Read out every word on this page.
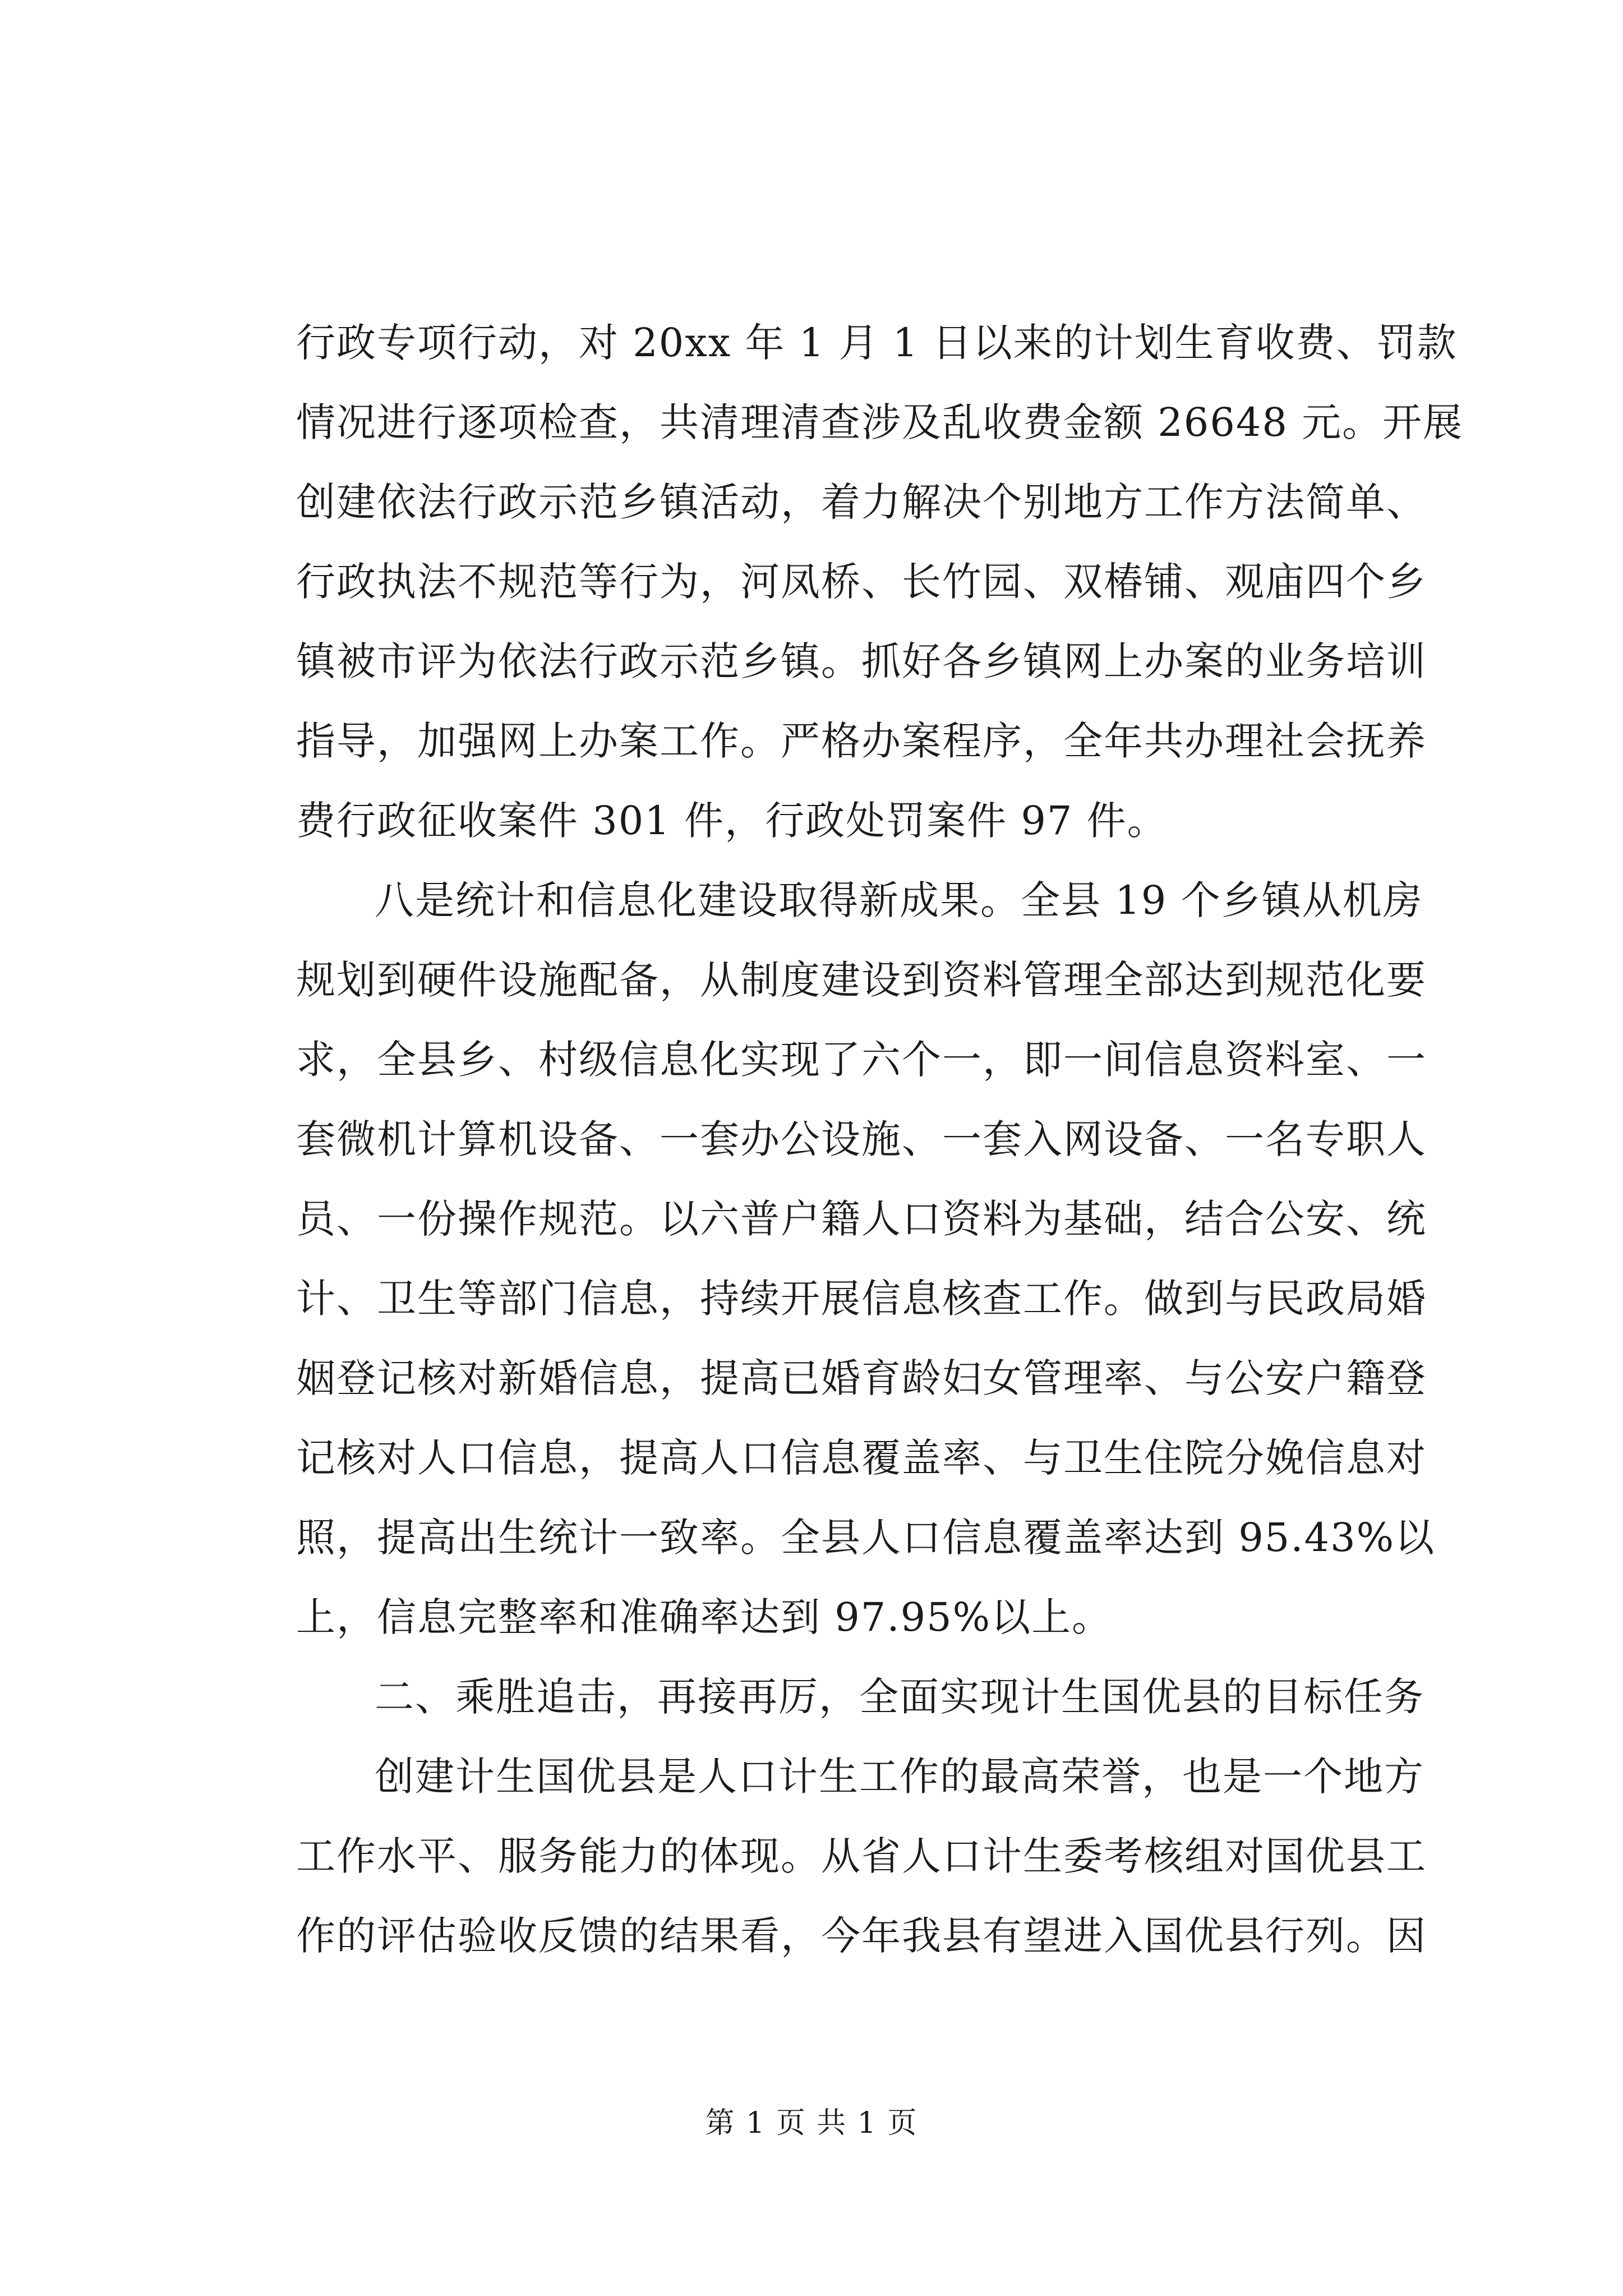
行政专项行动，对 20xx 年 1 月 1 日以来的计划生育收费、罚款
情况进行逐项检查，共清理清查涉及乱收费金额 26648 元。开展
创建依法行政示范乡镇活动，着力解决个别地方工作方法简单、
行政执法不规范等行为，河凤桥、长竹园、双椿铺、观庙四个乡
镇被市评为依法行政示范乡镇。抓好各乡镇网上办案的业务培训
指导，加强网上办案工作。严格办案程序，全年共办理社会抚养
费行政征收案件 301 件，行政处罚案件 97 件。
八是统计和信息化建设取得新成果。全县 19 个乡镇从机房
规划到硬件设施配备，从制度建设到资料管理全部达到规范化要
求，全县乡、村级信息化实现了六个一，即一间信息资料室、一
套微机计算机设备、一套办公设施、一套入网设备、一名专职人
员、一份操作规范。以六普户籍人口资料为基础，结合公安、统
计、卫生等部门信息，持续开展信息核查工作。做到与民政局婚
姻登记核对新婚信息，提高已婚育龄妇女管理率、与公安户籍登
记核对人口信息，提高人口信息覆盖率、与卫生住院分娩信息对
照，提高出生统计一致率。全县人口信息覆盖率达到 95.43%以
上，信息完整率和准确率达到 97.95%以上。
二、乘胜追击，再接再厉，全面实现计生国优县的目标任务
创建计生国优县是人口计生工作的最高荣誉，也是一个地方
工作水平、服务能力的体现。从省人口计生委考核组对国优县工
作的评估验收反馈的结果看，今年我县有望进入国优县行列。因
第 1 页 共 1 页
